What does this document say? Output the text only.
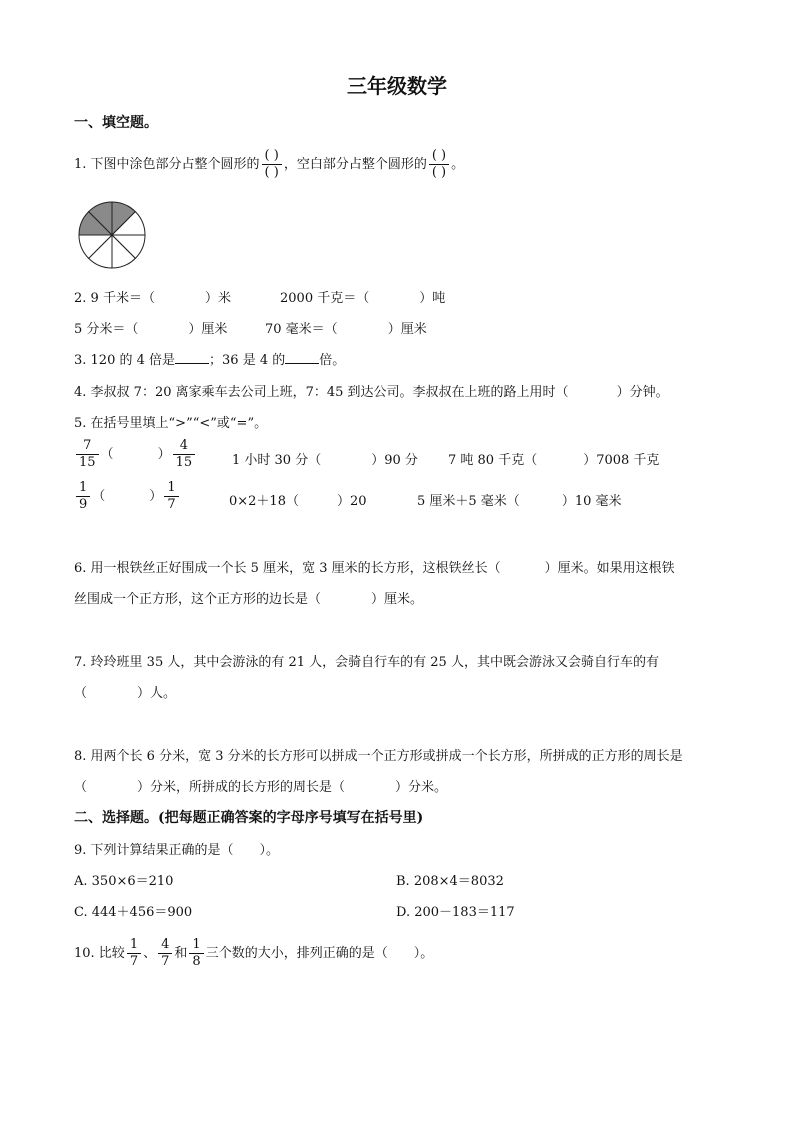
三年级数学
一、填空题。
1. 下图中涂色部分占整个圆形的 $\frac{( )}{( )}$ ，空白部分占整个圆形的 $\frac{( )}{( )}$ 。
2. 9 千米＝（	）米	2000 千克＝（	）吨
5 分米＝（	）厘米	70 毫米＝（	）厘米
3. 120 的 4 倍是	；36 是 4 的	倍。
4. 李叔叔 7：20 离家乘车去公司上班，7：45 到达公司。李叔叔在上班的路上用时（	）分钟。
5. 在括号里填上“>”“<”或“=”。
$\frac{7}{15}$ （	） $\frac{4}{15}$	1 小时 30 分（	）90 分 7 吨 80 千克（	）7008 千克
$\frac{1}{9}$ （	） $\frac{1}{7}$	0×2＋18（	）20	5 厘米＋5 毫米（	）10 毫米
6. 用一根铁丝正好围成一个长 5 厘米，宽 3 厘米的长方形，这根铁丝长（	）厘米。如果用这根铁
丝围成一个正方形，这个正方形的边长是（	）厘米。
7. 玲玲班里 35 人，其中会游泳的有 21 人，会骑自行车的有 25 人，其中既会游泳又会骑自行车的有
（	）人。
8. 用两个长 6 分米，宽 3 分米的长方形可以拼成一个正方形或拼成一个长方形，所拼成的正方形的周长是
（	）分米，所拼成的长方形的周长是（	）分米。
二、选择题。(把每题正确答案的字母序号填写在括号里)
9. 下列计算结果正确的是（　　）。
A. 350×6＝210	B. 208×4＝8032
C. 444＋456＝900	D. 200－183＝117
10. 比较 $\frac{1}{7}$ 、 $\frac{4}{7}$ 和 $\frac{1}{8}$ 三个数的大小，排列正确的是（　　）。
